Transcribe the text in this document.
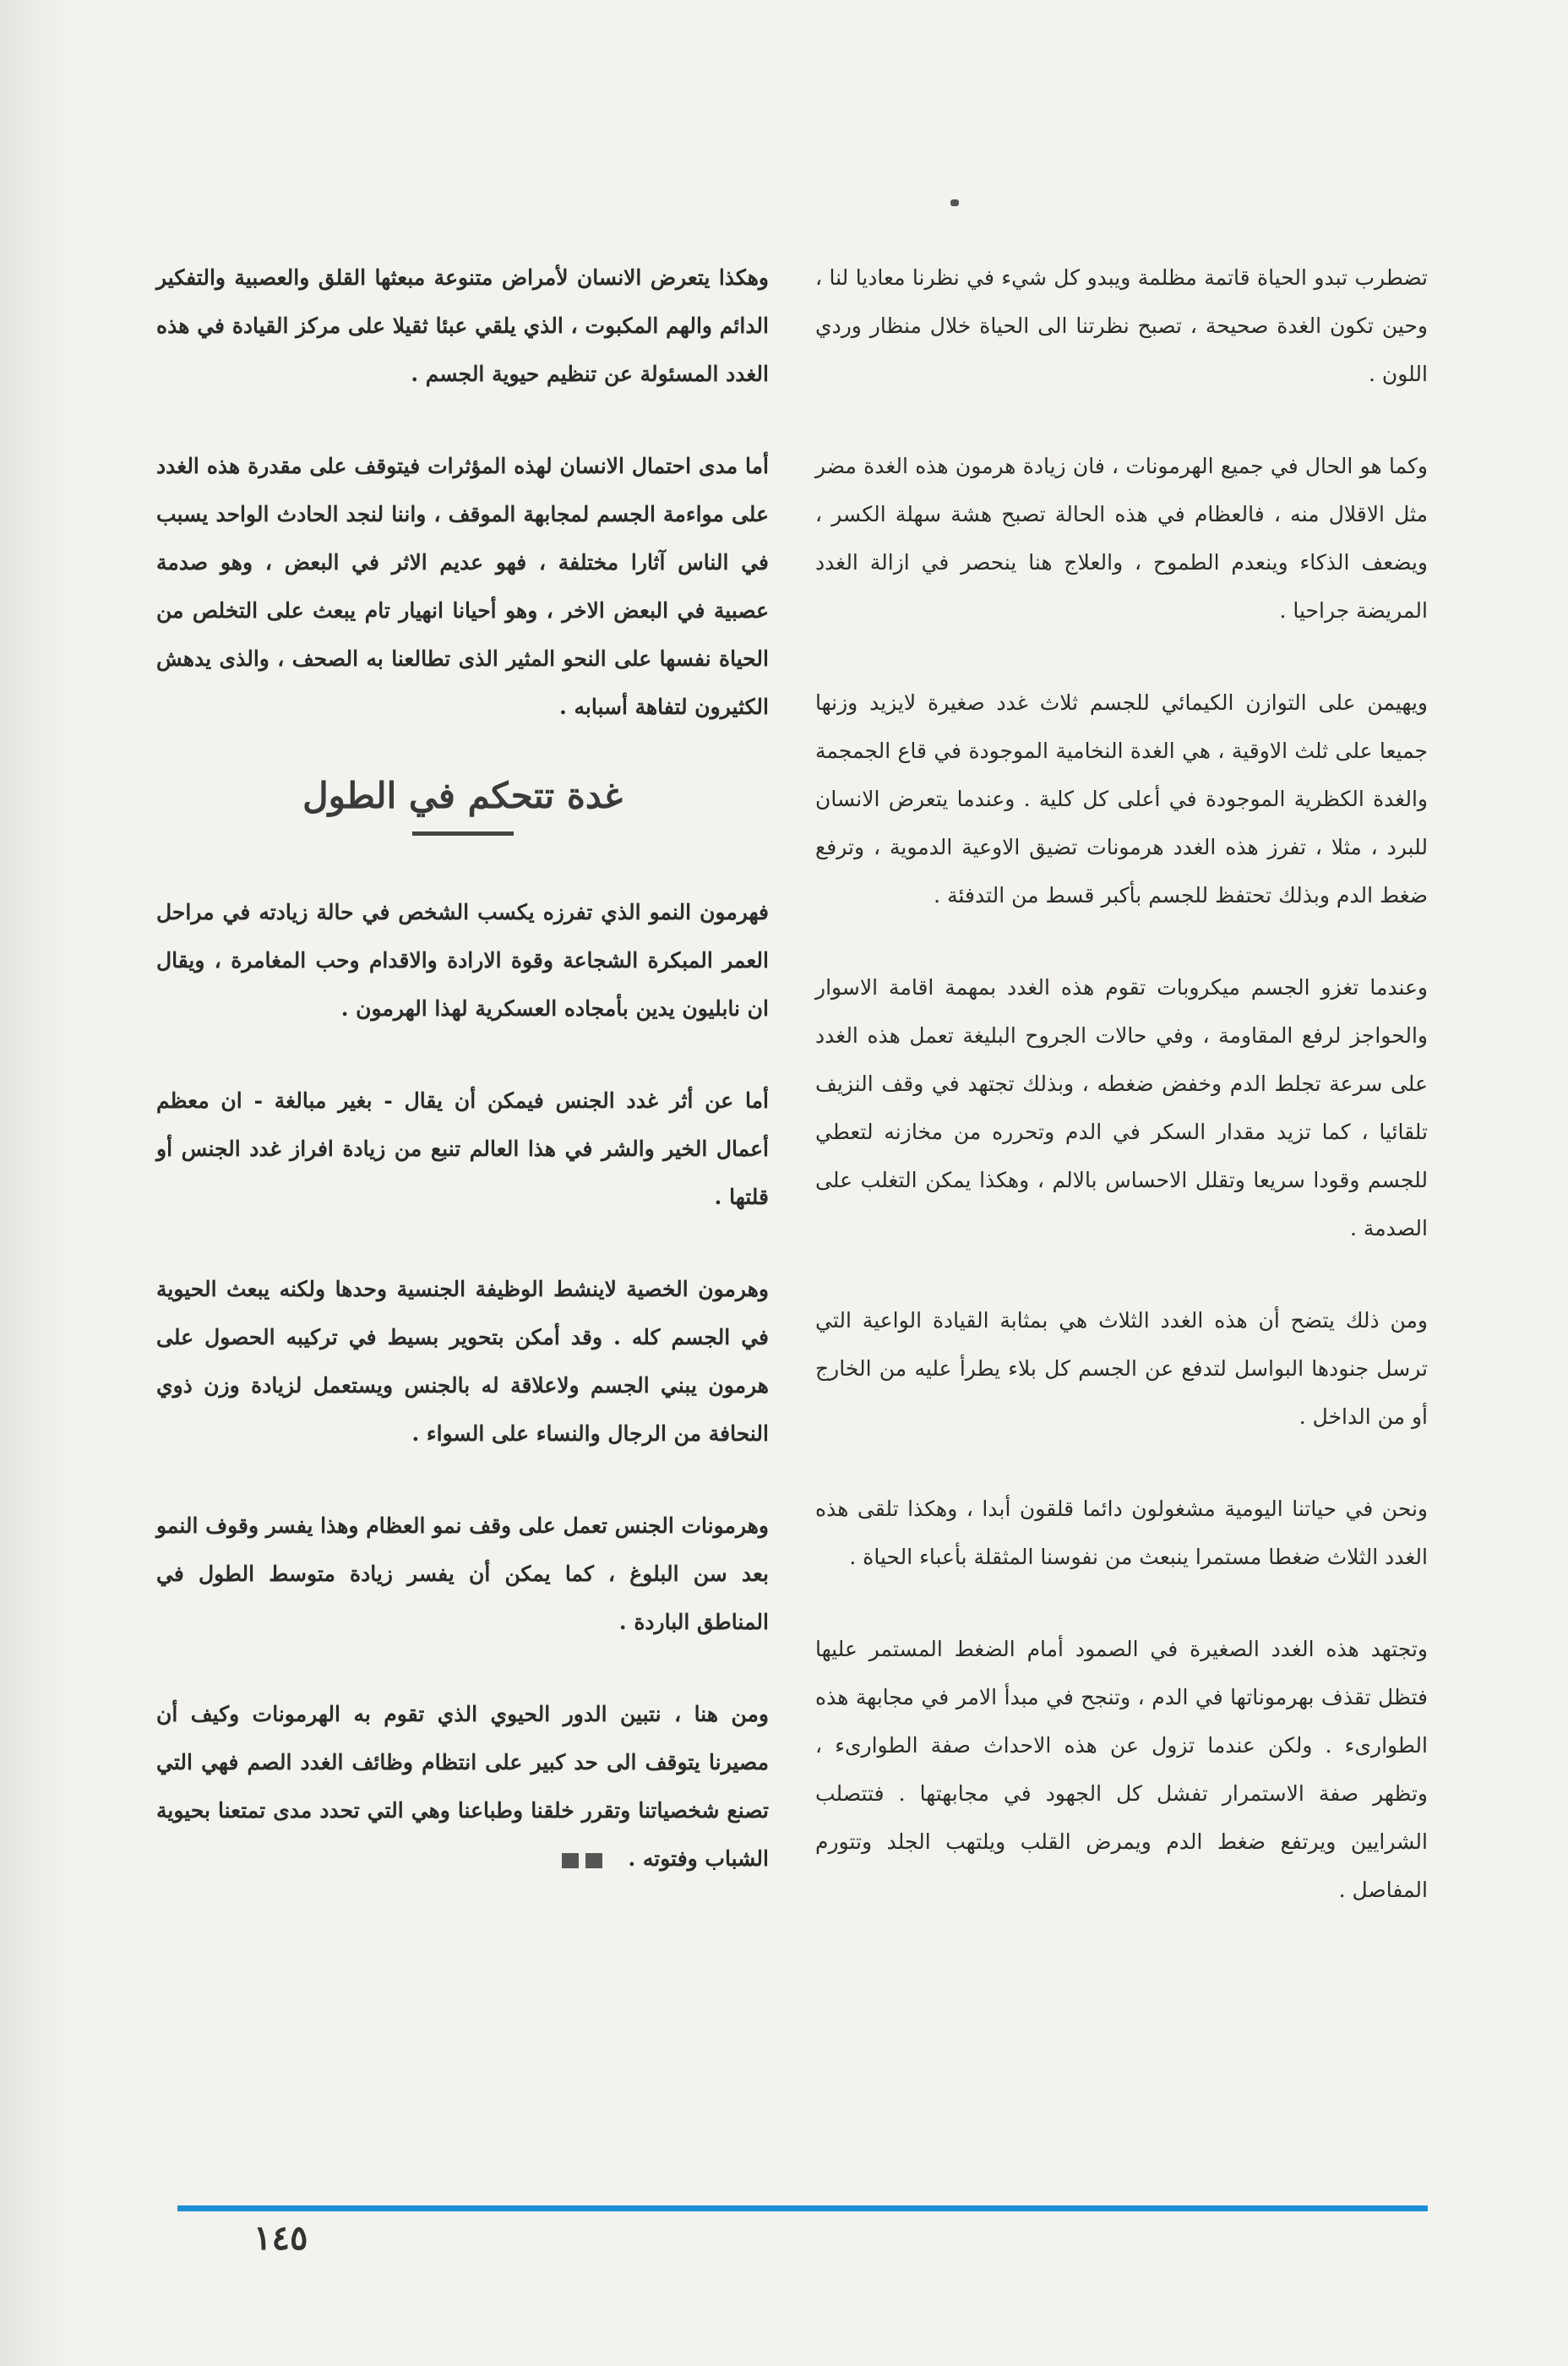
تضطرب تبدو الحياة قاتمة مظلمة ويبدو كل شيء في نظرنا معاديا لنا ، وحين تكون الغدة صحيحة ، تصبح نظرتنا الى الحياة خلال منظار وردي اللون .

وكما هو الحال في جميع الهرمونات ، فان زيادة هرمون هذه الغدة مضر مثل الاقلال منه ، فالعظام في هذه الحالة تصبح هشة سهلة الكسر ، ويضعف الذكاء وينعدم الطموح ، والعلاج هنا ينحصر في ازالة الغدد المريضة جراحيا .

ويهيمن على التوازن الكيمائي للجسم ثلاث غدد صغيرة لايزيد وزنها جميعا على ثلث الاوقية ، هي الغدة النخامية الموجودة في قاع الجمجمة والغدة الكظرية الموجودة في أعلى كل كلية . وعندما يتعرض الانسان للبرد ، مثلا ، تفرز هذه الغدد هرمونات تضيق الاوعية الدموية ، وترفع ضغط الدم وبذلك تحتفظ للجسم بأكبر قسط من التدفئة .

وعندما تغزو الجسم ميكروبات تقوم هذه الغدد بمهمة اقامة الاسوار والحواجز لرفع المقاومة ، وفي حالات الجروح البليغة تعمل هذه الغدد على سرعة تجلط الدم وخفض ضغطه ، وبذلك تجتهد في وقف النزيف تلقائيا ، كما تزيد مقدار السكر في الدم وتحرره من مخازنه لتعطي للجسم وقودا سريعا وتقلل الاحساس بالالم ، وهكذا يمكن التغلب على الصدمة .

ومن ذلك يتضح أن هذه الغدد الثلاث هي بمثابة القيادة الواعية التي ترسل جنودها البواسل لتدفع عن الجسم كل بلاء يطرأ عليه من الخارج أو من الداخل .

ونحن في حياتنا اليومية مشغولون دائما قلقون أبدا ، وهكذا تلقى هذه الغدد الثلاث ضغطا مستمرا ينبعث من نفوسنا المثقلة بأعباء الحياة .

وتجتهد هذه الغدد الصغيرة في الصمود أمام الضغط المستمر عليها فتظل تقذف بهرموناتها في الدم ، وتنجح في مبدأ الامر في مجابهة هذه الطوارىء . ولكن عندما تزول عن هذه الاحداث صفة الطوارىء ، وتظهر صفة الاستمرار تفشل كل الجهود في مجابهتها . فتتصلب الشرايين ويرتفع ضغط الدم ويمرض القلب ويلتهب الجلد وتتورم المفاصل .

وهكذا يتعرض الانسان لأمراض متنوعة مبعثها القلق والعصبية والتفكير الدائم والهم المكبوت ، الذي يلقي عبئا ثقيلا على مركز القيادة في هذه الغدد المسئولة عن تنظيم حيوية الجسم .

أما مدى احتمال الانسان لهذه المؤثرات فيتوقف على مقدرة هذه الغدد على مواءمة الجسم لمجابهة الموقف ، واننا لنجد الحادث الواحد يسبب في الناس آثارا مختلفة ، فهو عديم الاثر في البعض ، وهو صدمة عصبية في البعض الاخر ، وهو أحيانا انهيار تام يبعث على التخلص من الحياة نفسها على النحو المثير الذى تطالعنا به الصحف ، والذى يدهش الكثيرون لتفاهة أسبابه .

غدة تتحكم في الطول

فهرمون النمو الذي تفرزه يكسب الشخص في حالة زيادته في مراحل العمر المبكرة الشجاعة وقوة الارادة والاقدام وحب المغامرة ، ويقال ان نابليون يدين بأمجاده العسكرية لهذا الهرمون .

أما عن أثر غدد الجنس فيمكن أن يقال - بغير مبالغة - ان معظم أعمال الخير والشر في هذا العالم تنبع من زيادة افراز غدد الجنس أو قلتها .

وهرمون الخصية لاينشط الوظيفة الجنسية وحدها ولكنه يبعث الحيوية في الجسم كله . وقد أمكن بتحوير بسيط في تركيبه الحصول على هرمون يبني الجسم ولاعلاقة له بالجنس ويستعمل لزيادة وزن ذوي النحافة من الرجال والنساء على السواء .

وهرمونات الجنس تعمل على وقف نمو العظام وهذا يفسر وقوف النمو بعد سن البلوغ ، كما يمكن أن يفسر زيادة متوسط الطول في المناطق الباردة .

ومن هنا ، نتبين الدور الحيوي الذي تقوم به الهرمونات وكيف أن مصيرنا يتوقف الى حد كبير على انتظام وظائف الغدد الصم فهي التي تصنع شخصياتنا وتقرر خلقنا وطباعنا وهي التي تحدد مدى تمتعنا بحيوية الشباب وفتوته .

١٤٥
